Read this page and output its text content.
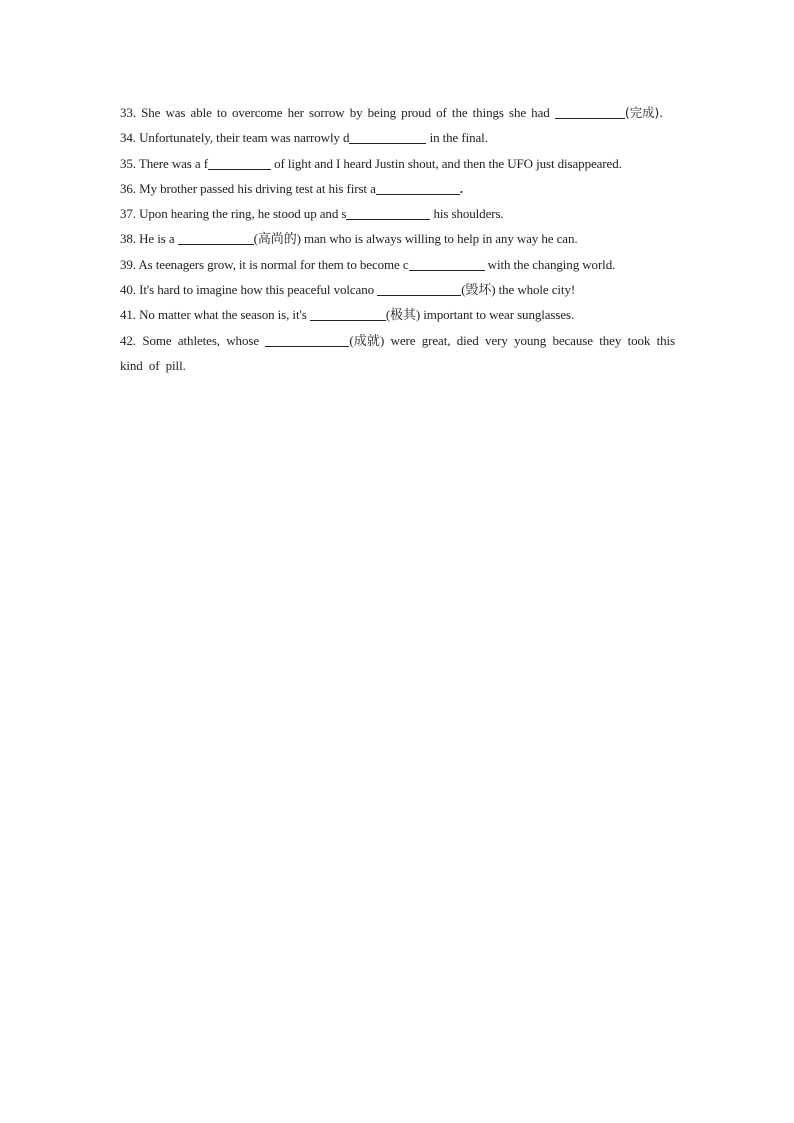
33. She was able to overcome her sorrow by being proud of the things she had	(完成).
34. Unfortunately, their team was narrowly d	in the final.
35. There was a f	of light and I heard Justin shout, and then the UFO just disappeared.
36. My brother passed his driving test at his first a	.
37. Upon hearing the ring, he stood up and s	his shoulders.
38. He is a	(高尚的) man who is always willing to help in any way he can.
39. As teenagers grow, it is normal for them to become c	with the changing world.
40. It's hard to imagine how this peaceful volcano	(毁坏) the whole city!
41. No matter what the season is, it's	(极其) important to wear sunglasses.
42. Some athletes, whose	(成就) were great, died very young because they took this kind of pill.
